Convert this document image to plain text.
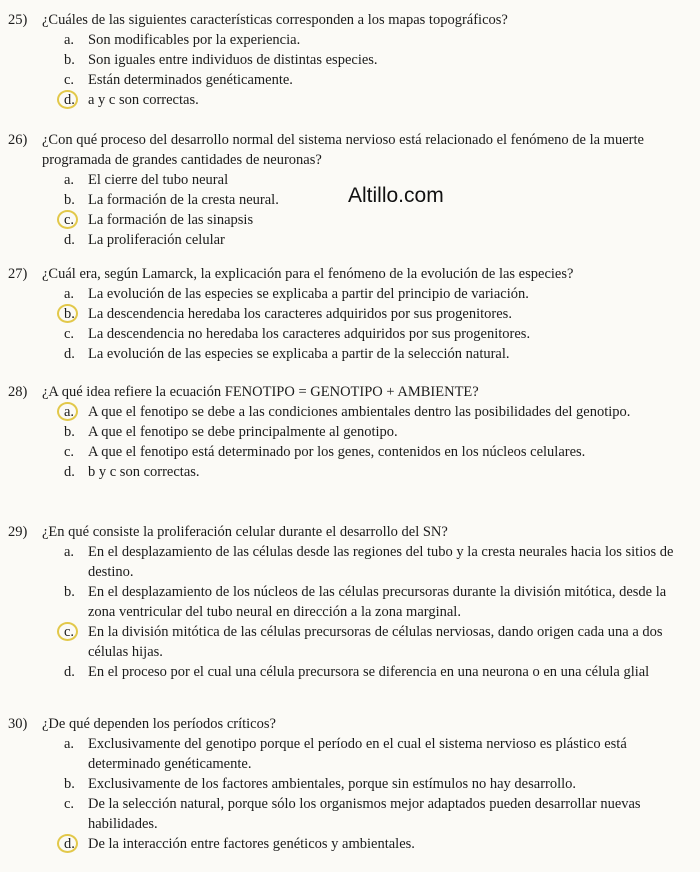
Altillo.com
25)	¿Cuáles de las siguientes características corresponden a los mapas topográficos?
a. Son modificables por la experiencia.
b. Son iguales entre individuos de distintas especies.
c. Están determinados genéticamente.
d. a y c son correctas.
26)	¿Con qué proceso del desarrollo normal del sistema nervioso está relacionado el fenómeno de la muerte programada de grandes cantidades de neuronas?
a. El cierre del tubo neural
b. La formación de la cresta neural.
c. La formación de las sinapsis
d. La proliferación celular
27)	¿Cuál era, según Lamarck, la explicación para el fenómeno de la evolución de las especies?
a. La evolución de las especies se explicaba a partir del principio de variación.
b. La descendencia heredaba los caracteres adquiridos por sus progenitores.
c. La descendencia no heredaba los caracteres adquiridos por sus progenitores.
d. La evolución de las especies se explicaba a partir de la selección natural.
28)	¿A qué idea refiere la ecuación FENOTIPO = GENOTIPO + AMBIENTE?
a. A que el fenotipo se debe a las condiciones ambientales dentro las posibilidades del genotipo.
b. A que el fenotipo se debe principalmente al genotipo.
c. A que el fenotipo está determinado por los genes, contenidos en los núcleos celulares.
d. b y c son correctas.
29)	¿En qué consiste la proliferación celular durante el desarrollo del SN?
a. En el desplazamiento de las células desde las regiones del tubo y la cresta neurales hacia los sitios de destino.
b. En el desplazamiento de los núcleos de las células precursoras durante la división mitótica, desde la zona ventricular del tubo neural en dirección a la zona marginal.
c. En la división mitótica de las células precursoras de células nerviosas, dando origen cada una a dos células hijas.
d. En el proceso por el cual una célula precursora se diferencia en una neurona o en una célula glial
30)	¿De qué dependen los períodos críticos?
a. Exclusivamente del genotipo porque el período en el cual el sistema nervioso es plástico está determinado genéticamente.
b. Exclusivamente de los factores ambientales, porque sin estímulos no hay desarrollo.
c. De la selección natural, porque sólo los organismos mejor adaptados pueden desarrollar nuevas habilidades.
d. De la interacción entre factores genéticos y ambientales.
